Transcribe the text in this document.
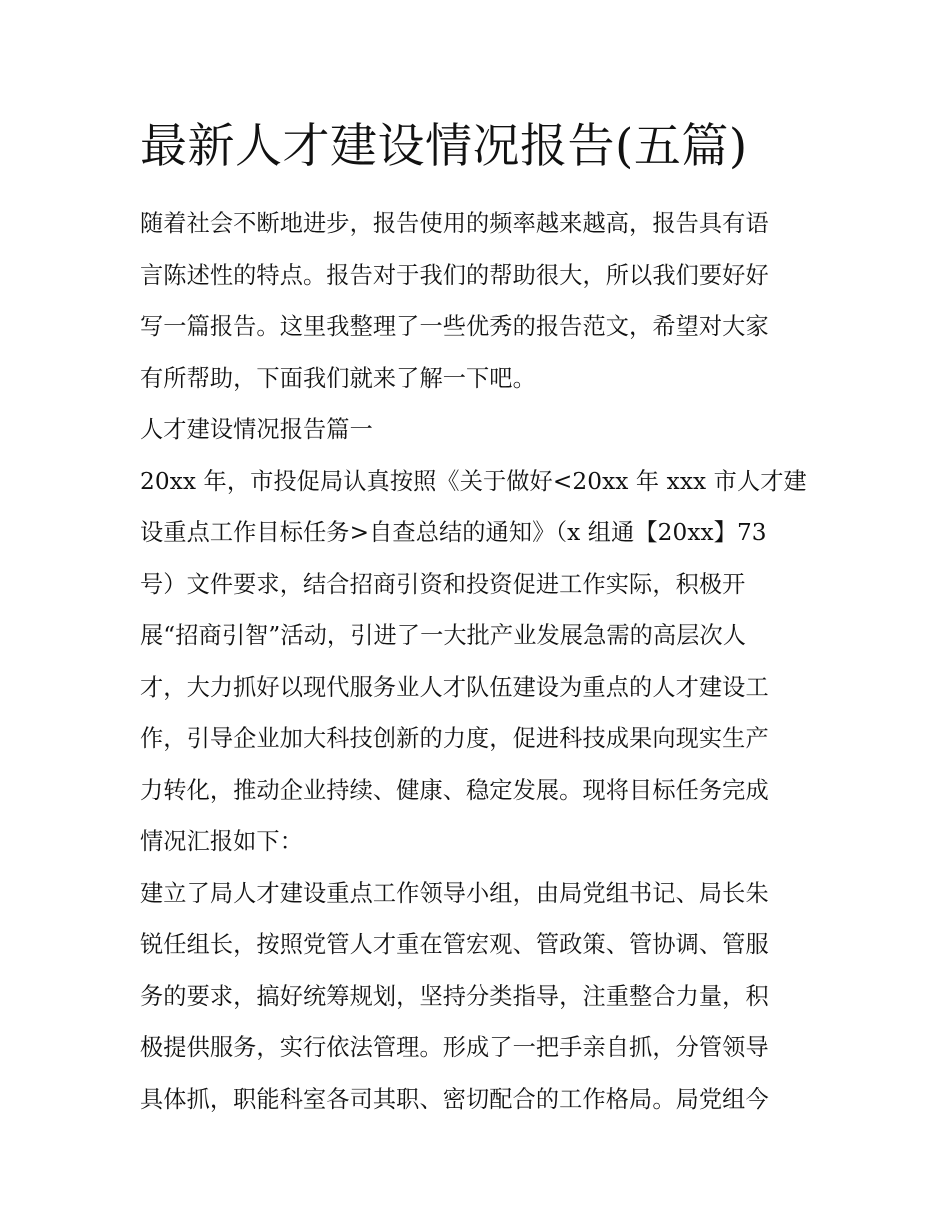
最新人才建设情况报告(五篇)
随着社会不断地进步，报告使用的频率越来越高，报告具有语
言陈述性的特点。报告对于我们的帮助很大，所以我们要好好
写一篇报告。这里我整理了一些优秀的报告范文，希望对大家
有所帮助，下面我们就来了解一下吧。
人才建设情况报告篇一
20xx 年，市投促局认真按照《关于做好<20xx 年 xxx 市人才建
设重点工作目标任务>自查总结的通知》（x 组通【20xx】73
号）文件要求，结合招商引资和投资促进工作实际，积极开
展“招商引智”活动，引进了一大批产业发展急需的高层次人
才，大力抓好以现代服务业人才队伍建设为重点的人才建设工
作，引导企业加大科技创新的力度，促进科技成果向现实生产
力转化，推动企业持续、健康、稳定发展。现将目标任务完成
情况汇报如下：
建立了局人才建设重点工作领导小组，由局党组书记、局长朱
锐任组长，按照党管人才重在管宏观、管政策、管协调、管服
务的要求，搞好统筹规划，坚持分类指导，注重整合力量，积
极提供服务，实行依法管理。形成了一把手亲自抓，分管领导
具体抓，职能科室各司其职、密切配合的工作格局。局党组今
